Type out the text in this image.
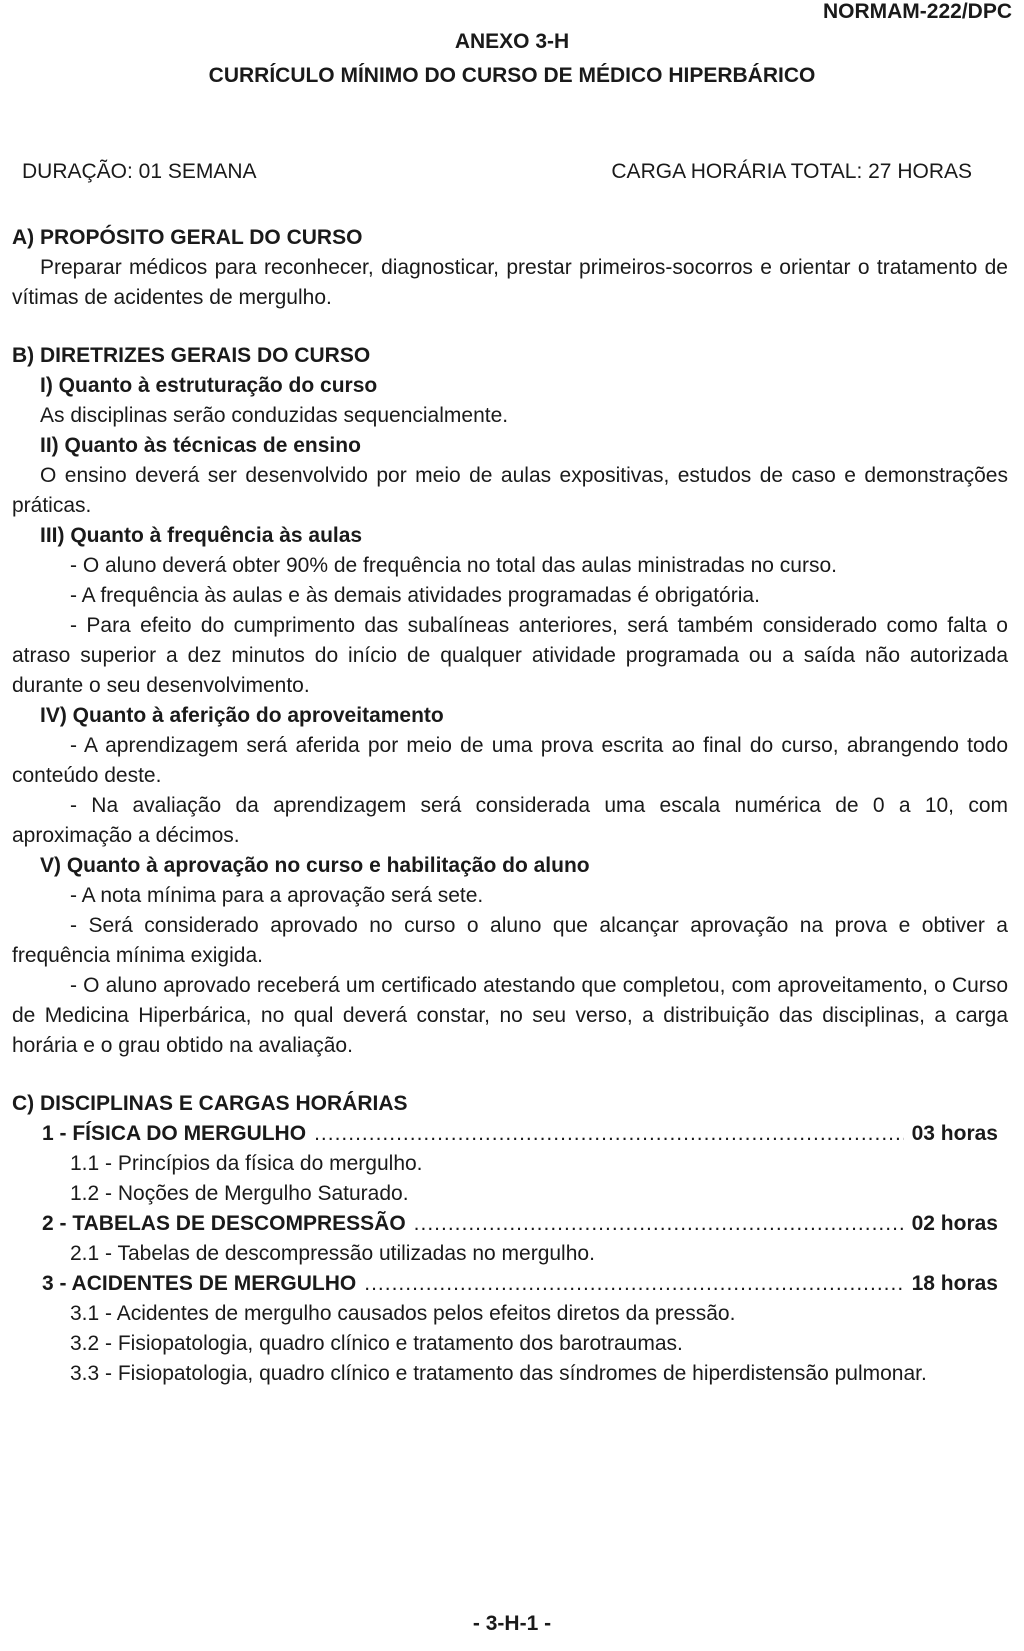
NORMAM-222/DPC
ANEXO 3-H
CURRÍCULO MÍNIMO DO CURSO DE MÉDICO HIPERBÁRICO
DURAÇÃO: 01 SEMANA	CARGA HORÁRIA TOTAL: 27 HORAS

A) PROPÓSITO GERAL DO CURSO

Preparar médicos para reconhecer, diagnosticar, prestar primeiros-socorros e orientar o tratamento de vítimas de acidentes de mergulho.

B) DIRETRIZES GERAIS DO CURSO

I) Quanto à estruturação do curso

As disciplinas serão conduzidas sequencialmente.

II) Quanto às técnicas de ensino

O ensino deverá ser desenvolvido por meio de aulas expositivas, estudos de caso e demonstrações práticas.

III) Quanto à frequência às aulas

- O aluno deverá obter 90% de frequência no total das aulas ministradas no curso.

- A frequência às aulas e às demais atividades programadas é obrigatória.

- Para efeito do cumprimento das subalíneas anteriores, será também considerado como falta o atraso superior a dez minutos do início de qualquer atividade programada ou a saída não autorizada durante o seu desenvolvimento.

IV) Quanto à aferição do aproveitamento

- A aprendizagem será aferida por meio de uma prova escrita ao final do curso, abrangendo todo conteúdo deste.

- Na avaliação da aprendizagem será considerada uma escala numérica de 0 a 10, com aproximação a décimos.

V) Quanto à aprovação no curso e habilitação do aluno

- A nota mínima para a aprovação será sete.

- Será considerado aprovado no curso o aluno que alcançar aprovação na prova e obtiver a frequência mínima exigida.

- O aluno aprovado receberá um certificado atestando que completou, com aproveitamento, o Curso de Medicina Hiperbárica, no qual deverá constar, no seu verso, a distribuição das disciplinas, a carga horária e o grau obtido na avaliação.

C) DISCIPLINAS E CARGAS HORÁRIAS

1 - FÍSICA DO MERGULHO .....	03 horas

1.1 - Princípios da física do mergulho.

1.2 - Noções de Mergulho Saturado.

2 - TABELAS DE DESCOMPRESSÃO .....	02 horas

2.1 - Tabelas de descompressão utilizadas no mergulho.

3 - ACIDENTES DE MERGULHO .....	18 horas

3.1 - Acidentes de mergulho causados pelos efeitos diretos da pressão.

3.2 - Fisiopatologia, quadro clínico e tratamento dos barotraumas.

3.3 - Fisiopatologia, quadro clínico e tratamento das síndromes de hiperdistensão pulmonar.

- 3-H-1 -
